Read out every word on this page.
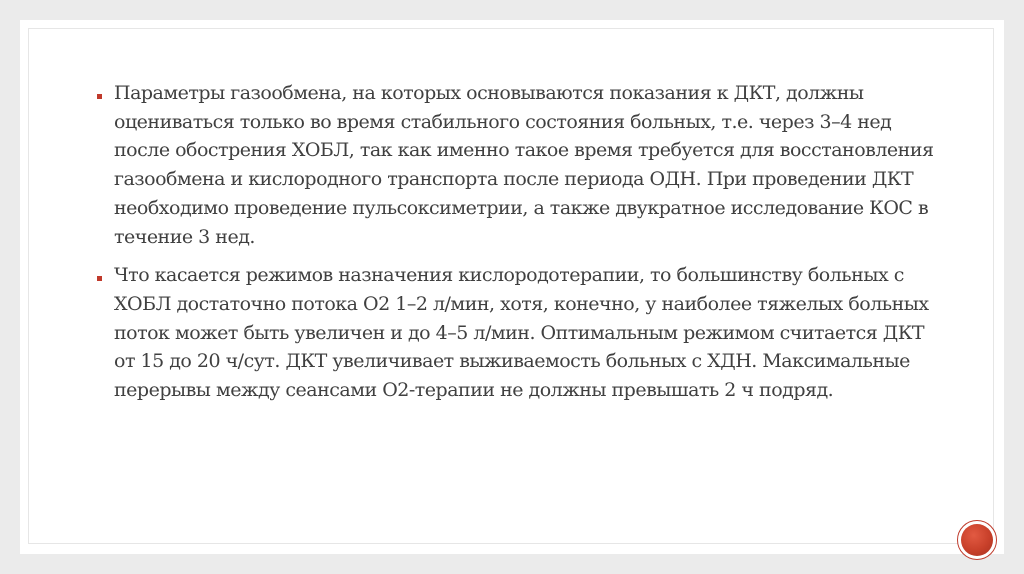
Параметры газообмена, на которых основываются показания к ДКТ, должны оцениваться только во время стабильного состояния больных, т.е. через 3–4 нед после обострения ХОБЛ, так как именно такое время требуется для восстановления газообмена и кислородного транспорта после периода ОДН. При проведении ДКТ необходимо проведение пульсоксиметрии, а также двукратное исследование КОС в течение 3 нед.
Что касается режимов назначения кислородотерапии, то большинству больных с ХОБЛ достаточно потока О2 1–2 л/мин, хотя, конечно, у наиболее тяжелых больных поток может быть увеличен и до 4–5 л/мин. Оптимальным режимом считается ДКТ от 15 до 20 ч/сут. ДКТ увеличивает выживаемость больных с ХДН. Максимальные перерывы между сеансами О2-терапии не должны превышать 2 ч подряд.
